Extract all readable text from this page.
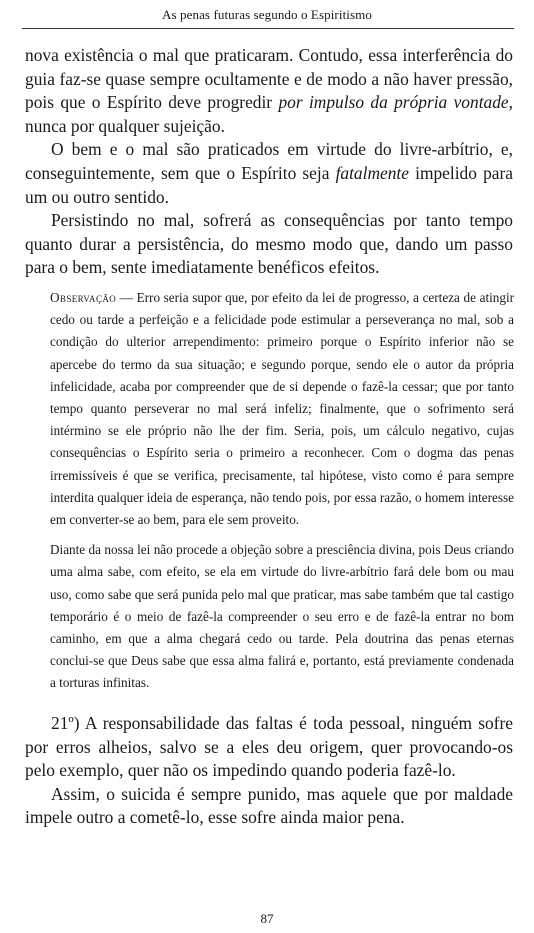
As penas futuras segundo o Espiritismo

nova existência o mal que praticaram. Contudo, essa interferência do guia faz-se quase sempre ocultamente e de modo a não haver pressão, pois que o Espírito deve progredir por impulso da própria vontade, nunca por qualquer sujeição.

O bem e o mal são praticados em virtude do livre-arbítrio, e, conseguintemente, sem que o Espírito seja fatalmente impelido para um ou outro sentido.

Persistindo no mal, sofrerá as consequências por tanto tempo quanto durar a persistência, do mesmo modo que, dando um passo para o bem, sente imediatamente benéficos efeitos.

Observação — Erro seria supor que, por efeito da lei de progresso, a certeza de atingir cedo ou tarde a perfeição e a felicidade pode estimular a perseverança no mal, sob a condição do ulterior arrependimento: primeiro porque o Espírito inferior não se apercebe do termo da sua situação; e segundo porque, sendo ele o autor da própria infelicidade, acaba por compreender que de si depende o fazê-la cessar; que por tanto tempo quanto perseverar no mal será infeliz; finalmente, que o sofrimento será intérmino se ele próprio não lhe der fim. Seria, pois, um cálculo negativo, cujas consequências o Espírito seria o primeiro a reconhecer. Com o dogma das penas irremissíveis é que se verifica, precisamente, tal hipótese, visto como é para sempre interdita qualquer ideia de esperança, não tendo pois, por essa razão, o homem interesse em converter-se ao bem, para ele sem proveito.

Diante da nossa lei não procede a objeção sobre a presciência divina, pois Deus criando uma alma sabe, com efeito, se ela em virtude do livre-arbítrio fará dele bom ou mau uso, como sabe que será punida pelo mal que praticar, mas sabe também que tal castigo temporário é o meio de fazê-la compreender o seu erro e de fazê-la entrar no bom caminho, em que a alma chegará cedo ou tarde. Pela doutrina das penas eternas conclui-se que Deus sabe que essa alma falirá e, portanto, está previamente condenada a torturas infinitas.

21º) A responsabilidade das faltas é toda pessoal, ninguém sofre por erros alheios, salvo se a eles deu origem, quer provocando-os pelo exemplo, quer não os impedindo quando poderia fazê-lo.

Assim, o suicida é sempre punido, mas aquele que por maldade impele outro a cometê-lo, esse sofre ainda maior pena.

87
